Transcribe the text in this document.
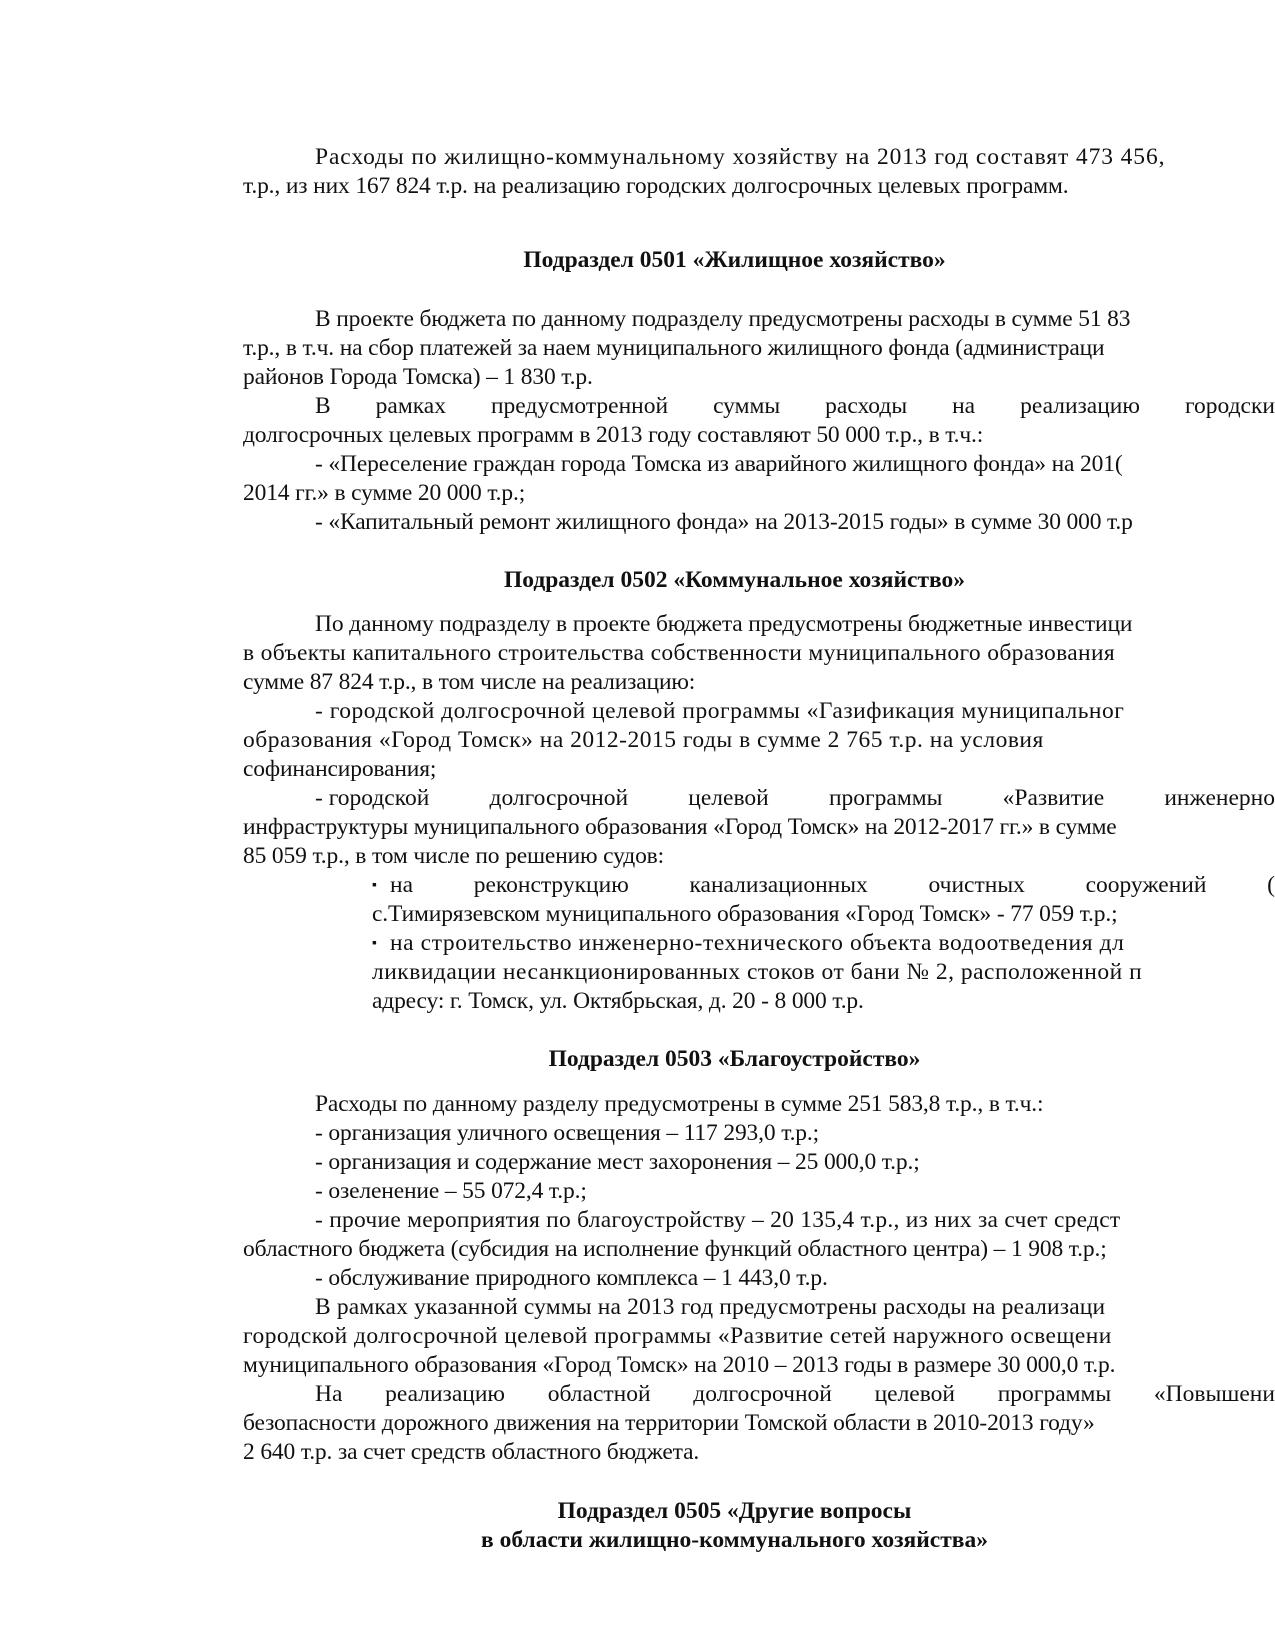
Расходы по жилищно-коммунальному хозяйству на 2013 год составят 473 456,
т.р., из них 167 824 т.р. на реализацию городских долгосрочных целевых программ.
Подраздел 0501 «Жилищное хозяйство»
В проекте бюджета по данному подразделу предусмотрены расходы в сумме 51 83
т.р., в т.ч. на сбор платежей за наем муниципального жилищного фонда (администраци
районов Города Томска) – 1 830 т.р.
В рамках предусмотренной суммы расходы на реализацию городски
долгосрочных целевых программ в 2013 году составляют 50 000 т.р., в т.ч.:
- «Переселение граждан города Томска из аварийного жилищного фонда» на 201(
2014 гг.» в сумме 20 000 т.р.;
- «Капитальный ремонт жилищного фонда» на 2013-2015 годы» в сумме 30 000 т.р
Подраздел 0502 «Коммунальное хозяйство»
По данному подразделу в проекте бюджета предусмотрены бюджетные инвестици
в объекты капитального строительства собственности муниципального образования
сумме 87 824 т.р., в том числе на реализацию:
- городской долгосрочной целевой программы «Газификация муниципальног
образования «Город Томск» на 2012-2015 годы в сумме 2 765 т.р. на условия
софинансирования;
- городской	долгосрочной	целевой	программы	«Развитие	инженерно
инфраструктуры муниципального образования «Город Томск» на 2012-2017 гг.» в сумме
85 059 т.р., в том числе по решению судов:
▪ на	реконструкцию	канализационных	очистных	сооружений	(
с.Тимирязевском муниципального образования «Город Томск» - 77 059 т.р.;
▪ на строительство инженерно-технического объекта водоотведения дл
ликвидации несанкционированных стоков от бани № 2, расположенной п
адресу: г. Томск, ул. Октябрьская, д. 20 - 8 000 т.р.
Подраздел 0503 «Благоустройство»
Расходы по данному разделу предусмотрены в сумме 251 583,8 т.р., в т.ч.:
- организация уличного освещения – 117 293,0 т.р.;
- организация и содержание мест захоронения – 25 000,0 т.р.;
- озеленение – 55 072,4 т.р.;
- прочие мероприятия по благоустройству – 20 135,4 т.р., из них за счет средст
областного бюджета (субсидия на исполнение функций областного центра) – 1 908 т.р.;
- обслуживание природного комплекса – 1 443,0 т.р.
В рамках указанной суммы на 2013 год предусмотрены расходы на реализаци
городской долгосрочной целевой программы «Развитие сетей наружного освещени
муниципального образования «Город Томск» на 2010 – 2013 годы в размере 30 000,0 т.р.
На реализацию областной долгосрочной целевой программы «Повышени
безопасности дорожного движения на территории Томской области в 2010-2013 году»
2 640 т.р. за счет средств областного бюджета.
Подраздел 0505 «Другие вопросы
в области жилищно-коммунального хозяйства»
